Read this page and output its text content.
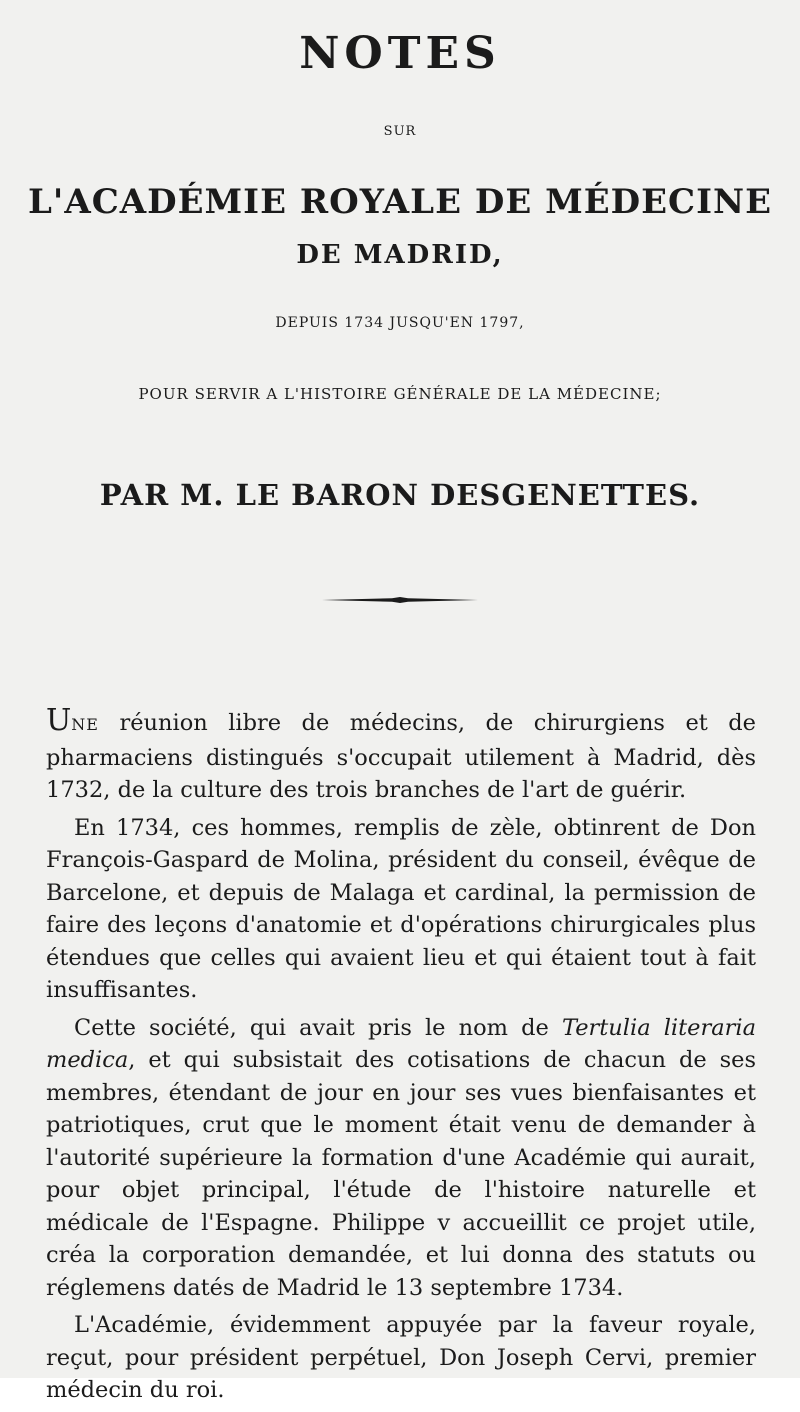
NOTES
SUR
L'ACADÉMIE ROYALE DE MÉDECINE
DE MADRID,
DEPUIS 1734 JUSQU'EN 1797,
POUR SERVIR A L'HISTOIRE GÉNÉRALE DE LA MÉDECINE;
PAR M. LE BARON DESGENETTES.

UNE réunion libre de médecins, de chirurgiens et de pharmaciens distingués s'occupait utilement à Madrid, dès 1732, de la culture des trois branches de l'art de guérir.

En 1734, ces hommes, remplis de zèle, obtinrent de Don François-Gaspard de Molina, président du conseil, évêque de Barcelone, et depuis de Malaga et cardinal, la permission de faire des leçons d'anatomie et d'opérations chirurgicales plus étendues que celles qui avaient lieu et qui étaient tout à fait insuffisantes.

Cette société, qui avait pris le nom de Tertulia literaria medica, et qui subsistait des cotisations de chacun de ses membres, étendant de jour en jour ses vues bienfaisantes et patriotiques, crut que le moment était venu de demander à l'autorité supérieure la formation d'une Académie qui aurait, pour objet principal, l'étude de l'histoire naturelle et médicale de l'Espagne. Philippe v accueillit ce projet utile, créa la corporation demandée, et lui donna des statuts ou réglemens datés de Madrid le 13 septembre 1734.

L'Académie, évidemment appuyée par la faveur royale, reçut, pour président perpétuel, Don Joseph Cervi, premier médecin du roi.
